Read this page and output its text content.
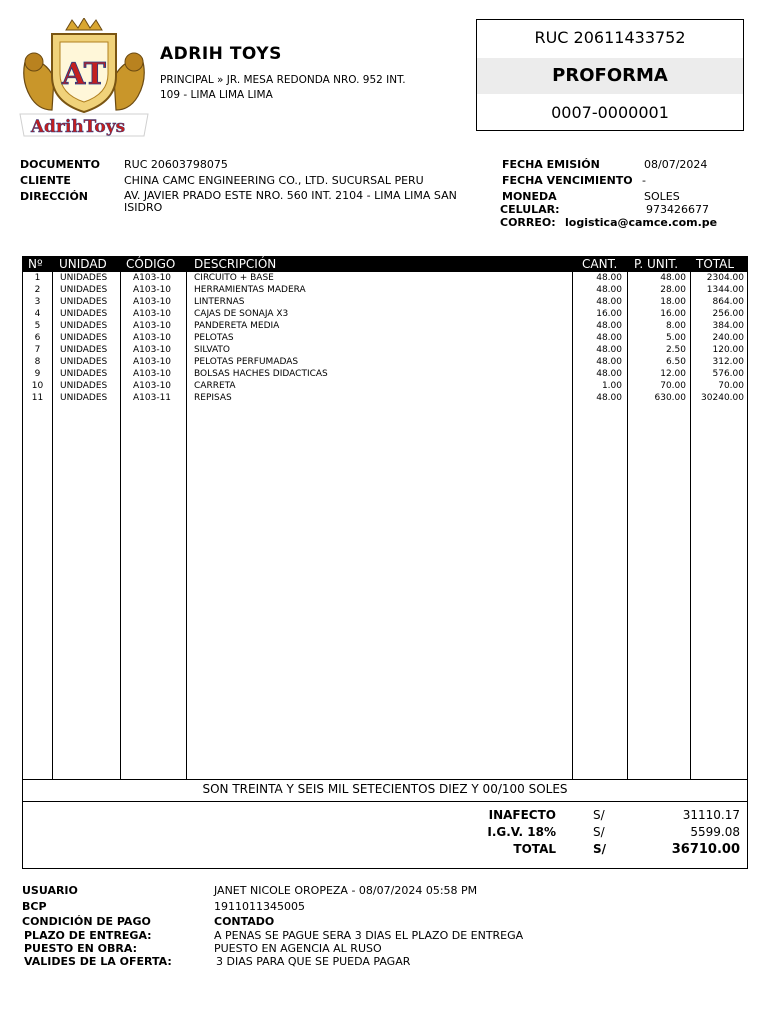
AT
AdrihToys
ADRIH TOYS
PRINCIPAL » JR. MESA REDONDA NRO. 952 INT.
109 - LIMA LIMA LIMA
RUC 20611433752
PROFORMA
0007-0000001
DOCUMENTO RUC 20603798075
CLIENTE	CHINA CAMC ENGINEERING CO., LTD. SUCURSAL PERU
DIRECCIÓN	AV. JAVIER PRADO ESTE NRO. 560 INT. 2104 - LIMA LIMA SAN
ISIDRO
FECHA EMISIÓN	08/07/2024
FECHA VENCIMIENTO -
MONEDA	SOLES
CELULAR:	973426677
CORREO: logistica@camce.com.pe
Nº UNIDAD CÓDIGO DESCRIPCIÓN	CANT. P. UNIT. TOTAL
1	UNIDADES	A103-10	CIRCUITO + BASE	48.00	48.00	2304.00
2	UNIDADES	A103-10	HERRAMIENTAS MADERA	48.00	28.00	1344.00
3	UNIDADES	A103-10	LINTERNAS	48.00	18.00	864.00
4	UNIDADES	A103-10	CAJAS DE SONAJA X3	16.00	16.00	256.00
5	UNIDADES	A103-10	PANDERETA MEDIA	48.00	8.00	384.00
6	UNIDADES	A103-10	PELOTAS	48.00	5.00	240.00
7	UNIDADES	A103-10	SILVATO	48.00	2.50	120.00
8	UNIDADES	A103-10	PELOTAS PERFUMADAS	48.00	6.50	312.00
9	UNIDADES	A103-10	BOLSAS HACHES DIDACTICAS	48.00	12.00	576.00
10	UNIDADES	A103-10	CARRETA	1.00	70.00	70.00
11	UNIDADES	A103-11	REPISAS	48.00	630.00	30240.00
SON TREINTA Y SEIS MIL SETECIENTOS DIEZ Y 00/100 SOLES
INAFECTO	S/	31110.17
I.G.V. 18%	S/	5599.08
TOTAL	S/	36710.00
USUARIO	JANET NICOLE OROPEZA - 08/07/2024 05:58 PM
BCP	1911011345005
CONDICIÓN DE PAGO	CONTADO
PLAZO DE ENTREGA:	A PENAS SE PAGUE SERA 3 DIAS EL PLAZO DE ENTREGA
PUESTO EN OBRA:	PUESTO EN AGENCIA AL RUSO
VALIDES DE LA OFERTA:	3 DIAS PARA QUE SE PUEDA PAGAR
